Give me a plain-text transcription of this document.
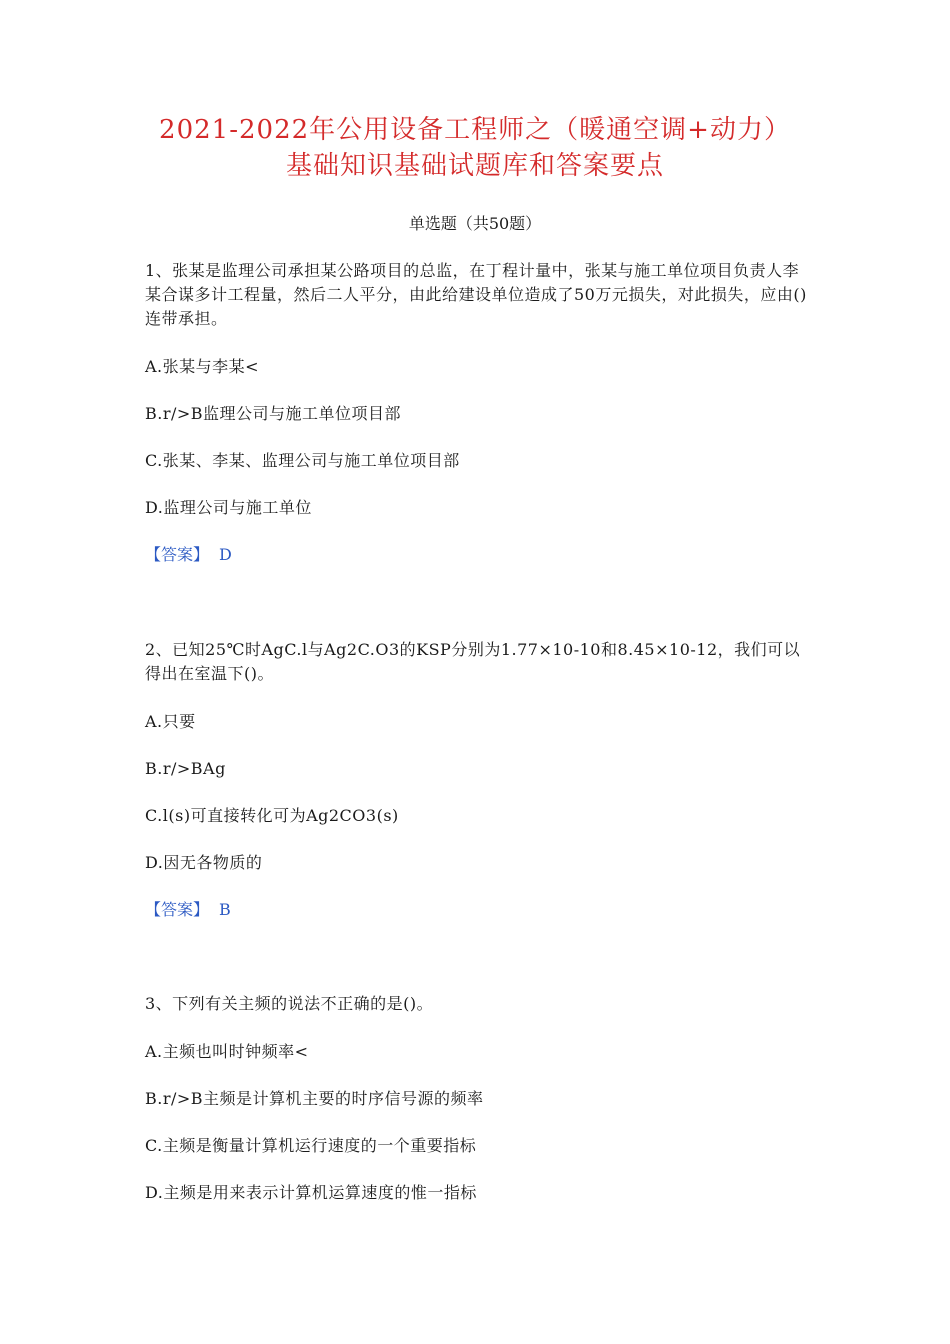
2021-2022年公用设备工程师之（暖通空调+动力）
基础知识基础试题库和答案要点
单选题（共50题）
1、张某是监理公司承担某公路项目的总监，在丁程计量中，张某与施工单位项目负责人李某合谋多计工程量，然后二人平分，由此给建设单位造成了50万元损失，对此损失，应由()连带承担。
A.张某与李某<
B.r/>B监理公司与施工单位项目部
C.张某、李某、监理公司与施工单位项目部
D.监理公司与施工单位
【答案】 D
2、已知25℃时AgC.l与Ag2C.O3的KSP分别为1.77×10-10和8.45×10-12，我们可以得出在室温下()。
A.只要
B.r/>BAg
C.l(s)可直接转化可为Ag2CO3(s)
D.因无各物质的
【答案】 B
3、下列有关主频的说法不正确的是()。
A.主频也叫时钟频率<
B.r/>B主频是计算机主要的时序信号源的频率
C.主频是衡量计算机运行速度的一个重要指标
D.主频是用来表示计算机运算速度的惟一指标
